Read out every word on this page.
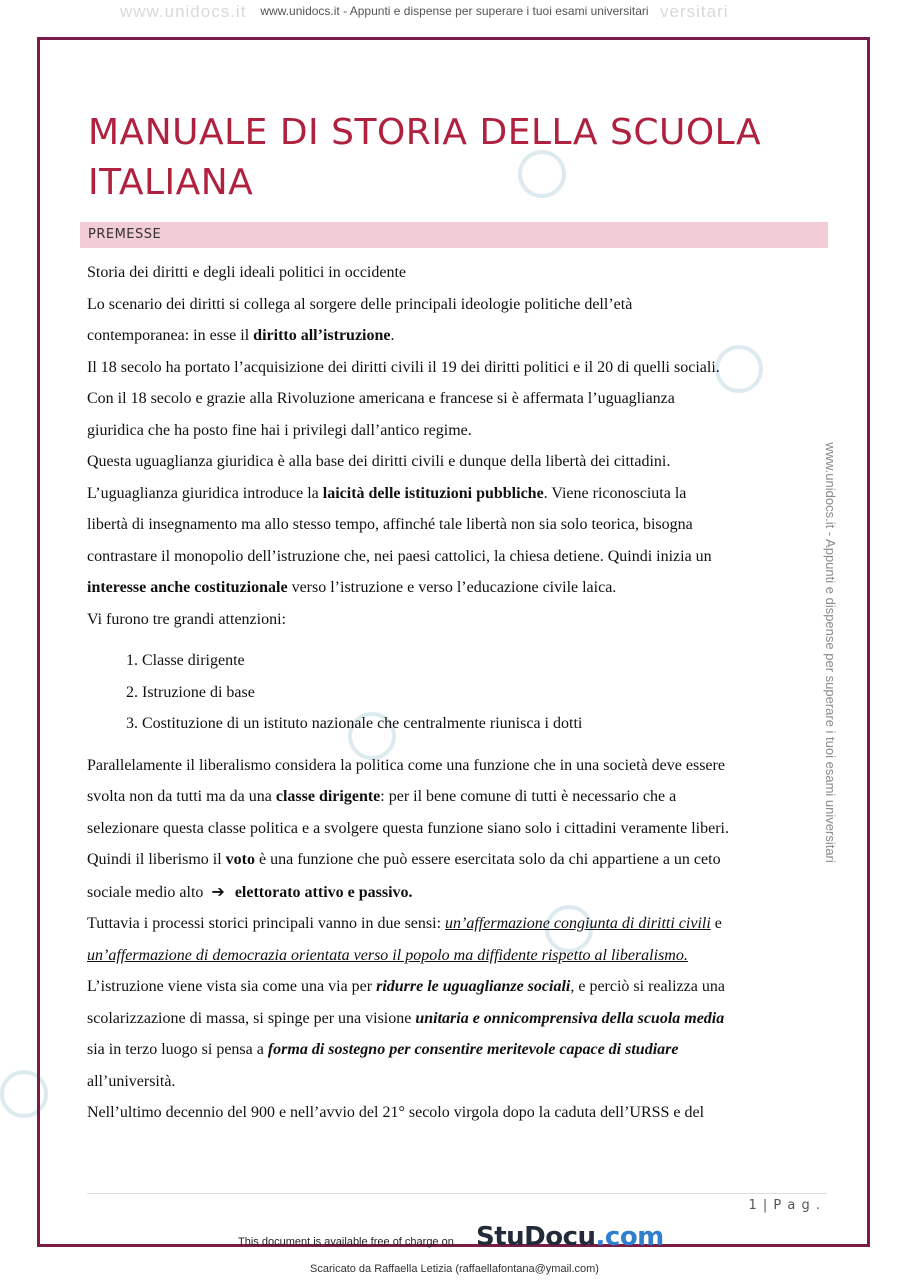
www.unidocs.it	versitari
www.unidocs.it - Appunti e dispense per superare i tuoi esami universitari
www.unidocs.it - Appunti e dispense per superare i tuoi esami universitari
MANUALE DI STORIA DELLA SCUOLA ITALIANA
PREMESSE

Storia dei diritti e degli ideali politici in occidente

Lo scenario dei diritti si collega al sorgere delle principali ideologie politiche dell’età

contemporanea: in esse il diritto all’istruzione.

Il 18 secolo ha portato l’acquisizione dei diritti civili il 19 dei diritti politici e il 20 di quelli sociali.

Con il 18 secolo e grazie alla Rivoluzione americana e francese si è affermata l’uguaglianza

giuridica che ha posto fine hai i privilegi dall’antico regime.

Questa uguaglianza giuridica è alla base dei diritti civili e dunque della libertà dei cittadini.

L’uguaglianza giuridica introduce la laicità delle istituzioni pubbliche. Viene riconosciuta la

libertà di insegnamento ma allo stesso tempo, affinché tale libertà non sia solo teorica, bisogna

contrastare il monopolio dell’istruzione che, nei paesi cattolici, la chiesa detiene. Quindi inizia un

interesse anche costituzionale verso l’istruzione e verso l’educazione civile laica.

Vi furono tre grandi attenzioni:

1. Classe dirigente
2. Istruzione di base
3. Costituzione di un istituto nazionale che centralmente riunisca i dotti

Parallelamente il liberalismo considera la politica come una funzione che in una società deve essere

svolta non da tutti ma da una classe dirigente: per il bene comune di tutti è necessario che a

selezionare questa classe politica e a svolgere questa funzione siano solo i cittadini veramente liberi.

Quindi il liberismo il voto è una funzione che può essere esercitata solo da chi appartiene a un ceto

sociale medio alto ➔ elettorato attivo e passivo.

Tuttavia i processi storici principali vanno in due sensi: un’affermazione congiunta di diritti civili e

un’affermazione di democrazia orientata verso il popolo ma diffidente rispetto al liberalismo.

L’istruzione viene vista sia come una via per ridurre le uguaglianze sociali, e perciò si realizza una

scolarizzazione di massa, si spinge per una visione unitaria e onnicomprensiva della scuola media

sia in terzo luogo si pensa a forma di sostegno per consentire meritevole capace di studiare

all’università.

Nell’ultimo decennio del 900 e nell’avvio del 21° secolo virgola dopo la caduta dell’URSS e del

1 | P a g .
This document is available free of charge on StuDocu.com
Scaricato da Raffaella Letizia (raffaellafontana@ymail.com)
